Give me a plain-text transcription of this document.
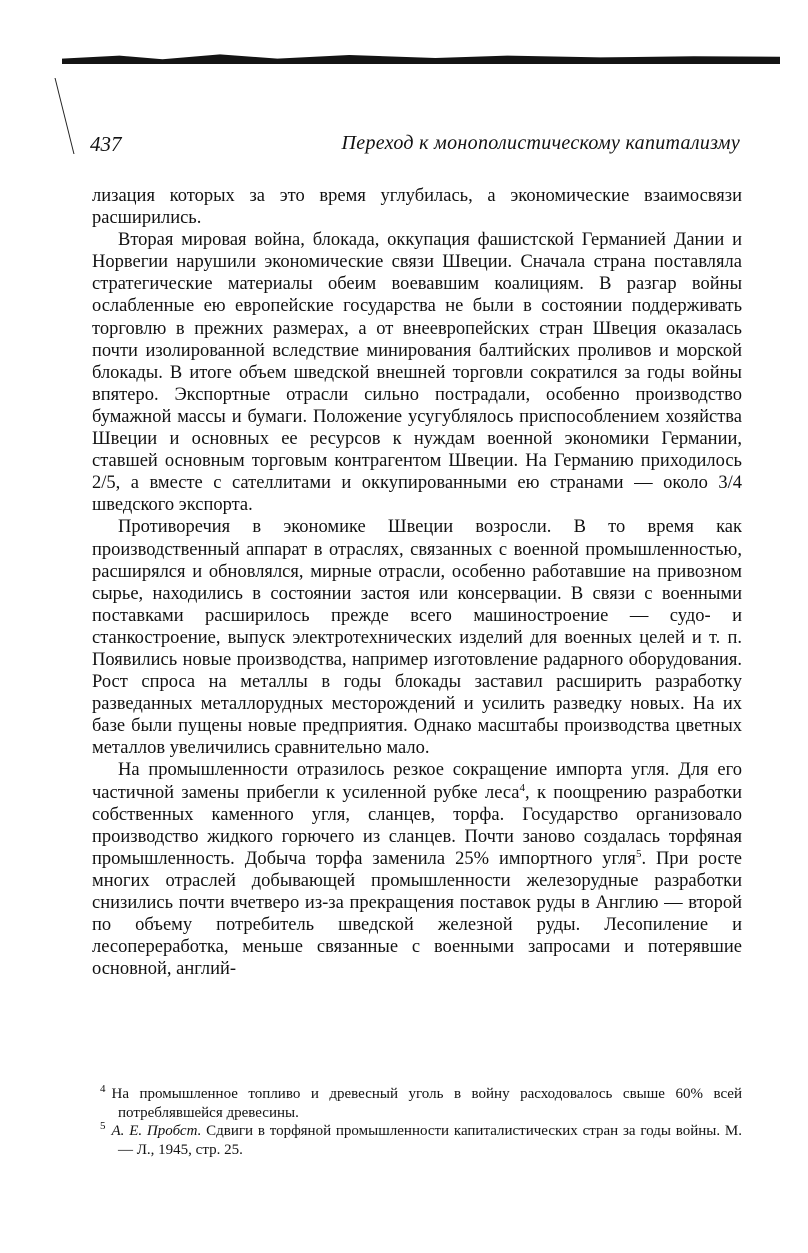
437	Переход к монополистическому капитализму

лизация которых за это время углубилась, а экономические взаимосвязи расширились.

Вторая мировая война, блокада, оккупация фашистской Германией Дании и Норвегии нарушили экономические связи Швеции. Сначала страна поставляла стратегические материалы обеим воевавшим коалициям. В разгар войны ослабленные ею европейские государства не были в состоянии поддерживать торговлю в прежних размерах, а от внеевропейских стран Швеция оказалась почти изолированной вследствие минирования балтийских проливов и морской блокады. В итоге объем шведской внешней торговли сократился за годы войны впятеро. Экспортные отрасли сильно пострадали, особенно производство бумажной массы и бумаги. Положение усугублялось приспособлением хозяйства Швеции и основных ее ресурсов к нуждам военной экономики Германии, ставшей основным торговым контрагентом Швеции. На Германию приходилось 2/5, а вместе с сателлитами и оккупированными ею странами — около 3/4 шведского экспорта.

Противоречия в экономике Швеции возросли. В то время как производственный аппарат в отраслях, связанных с военной промышленностью, расширялся и обновлялся, мирные отрасли, особенно работавшие на привозном сырье, находились в состоянии застоя или консервации. В связи с военными поставками расширилось прежде всего машиностроение — судо- и станкостроение, выпуск электротехнических изделий для военных целей и т. п. Появились новые производства, например изготовление радарного оборудования. Рост спроса на металлы в годы блокады заставил расширить разработку разведанных металлорудных месторождений и усилить разведку новых. На их базе были пущены новые предприятия. Однако масштабы производства цветных металлов увеличились сравнительно мало.

На промышленности отразилось резкое сокращение импорта угля. Для его частичной замены прибегли к усиленной рубке леса$^4$, к поощрению разработки собственных каменного угля, сланцев, торфа. Государство организовало производство жидкого горючего из сланцев. Почти заново создалась торфяная промышленность. Добыча торфа заменила 25% импортного угля$^5$. При росте многих отраслей добывающей промышленности железорудные разработки снизились почти вчетверо из-за прекращения поставок руды в Англию — второй по объему потребитель шведской железной руды. Лесопиление и лесопереработка, меньше связанные с военными запросами и потерявшие основной, англий-

$^4$ На промышленное топливо и древесный уголь в войну расходовалось свыше 60% всей потреблявшейся древесины.

$^5$ А. Е. Пробст. Сдвиги в торфяной промышленности капиталистических стран за годы войны. М.— Л., 1945, стр. 25.
